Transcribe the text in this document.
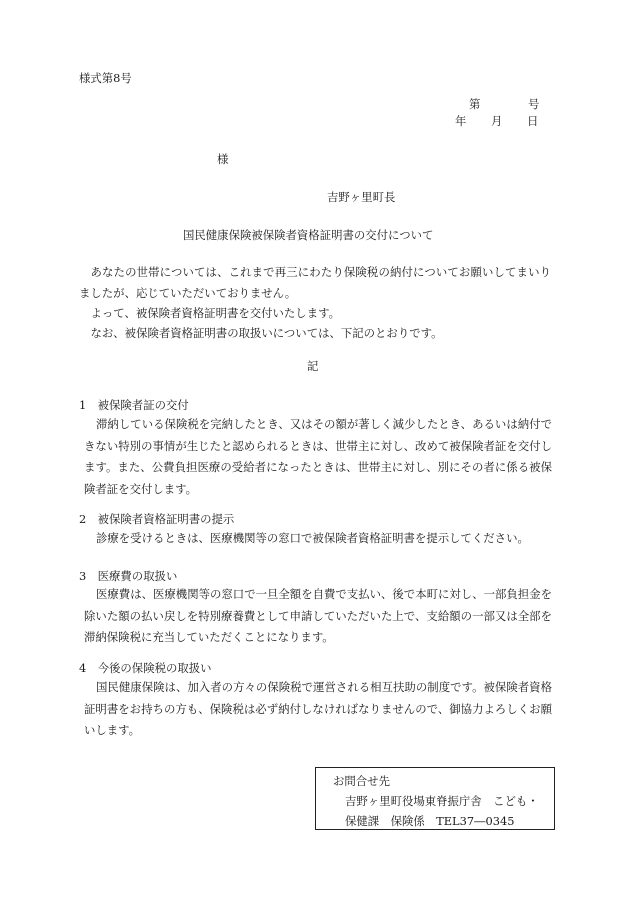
様式第8号
第	号
年 月 日
様
吉野ヶ里町長
国民健康保険被保険者資格証明書の交付について
あなたの世帯については、これまで再三にわたり保険税の納付についてお願いしてまいりましたが、応じていただいておりません。
よって、被保険者資格証明書を交付いたします。
なお、被保険者資格証明書の取扱いについては、下記のとおりです。
記
1　被保険者証の交付
滞納している保険税を完納したとき、又はその額が著しく減少したとき、あるいは納付できない特別の事情が生じたと認められるときは、世帯主に対し、改めて被保険者証を交付します。また、公費負担医療の受給者になったときは、世帯主に対し、別にその者に係る被保険者証を交付します。
2　被保険者資格証明書の提示
診療を受けるときは、医療機関等の窓口で被保険者資格証明書を提示してください。
3　医療費の取扱い
医療費は、医療機関等の窓口で一旦全額を自費で支払い、後で本町に対し、一部負担金を除いた額の払い戻しを特別療養費として申請していただいた上で、支給額の一部又は全部を滞納保険税に充当していただくことになります。
4　今後の保険税の取扱い
国民健康保険は、加入者の方々の保険税で運営される相互扶助の制度です。被保険者資格証明書をお持ちの方も、保険税は必ず納付しなければなりませんので、御協力よろしくお願いします。
お問合せ先
吉野ヶ里町役場東脊振庁舎　こども・
保健課　保険係　TEL37―0345
